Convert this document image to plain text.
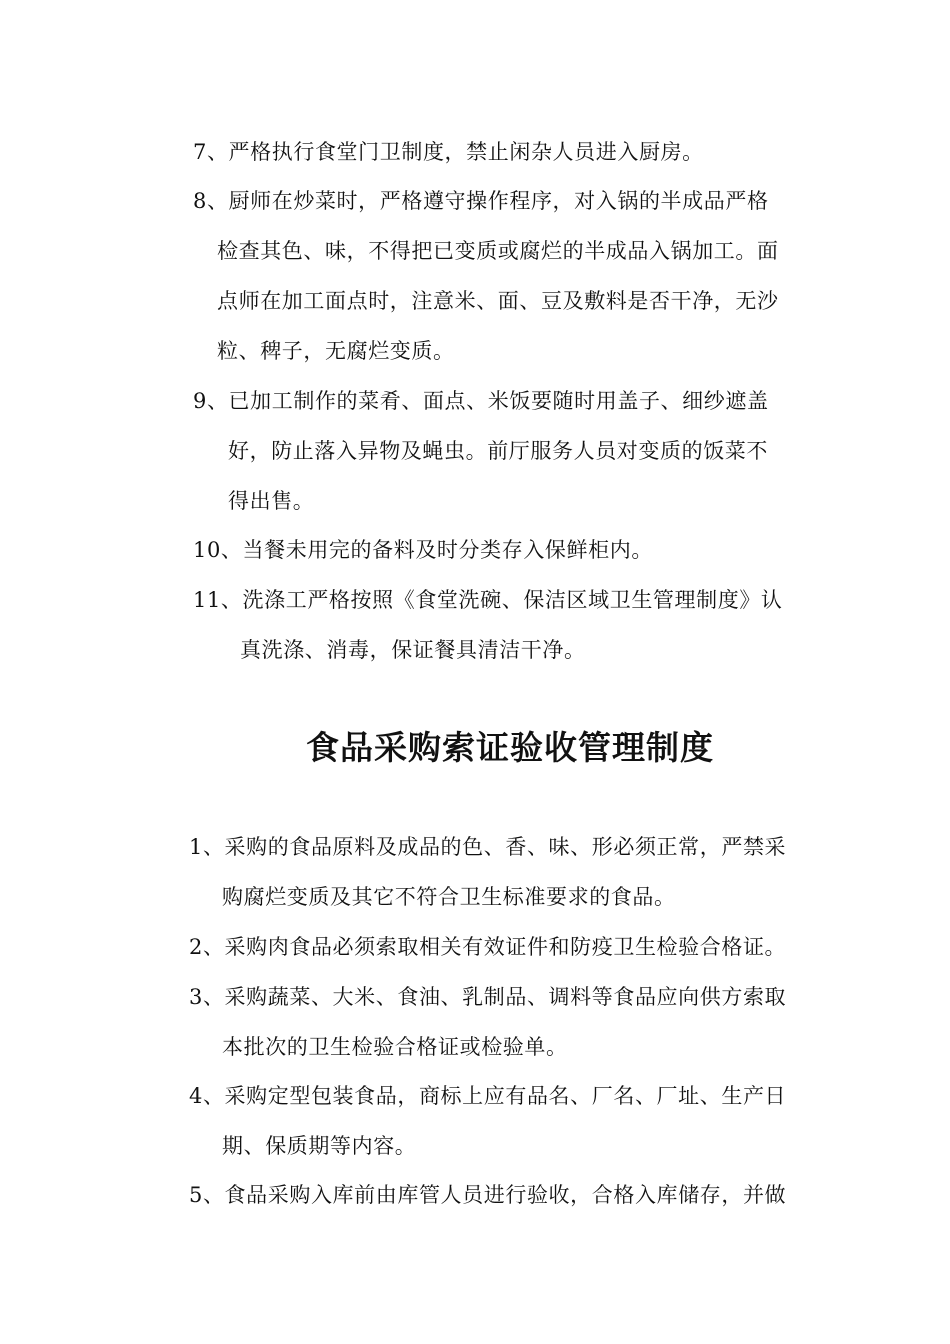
7、严格执行食堂门卫制度，禁止闲杂人员进入厨房。
8、厨师在炒菜时，严格遵守操作程序，对入锅的半成品严格
检查其色、味，不得把已变质或腐烂的半成品入锅加工。面
点师在加工面点时，注意米、面、豆及敷料是否干净，无沙
粒、稗子，无腐烂变质。
9、已加工制作的菜肴、面点、米饭要随时用盖子、细纱遮盖
好，防止落入异物及蝇虫。前厅服务人员对变质的饭菜不
得出售。
10、当餐未用完的备料及时分类存入保鲜柜内。
11、洗涤工严格按照《食堂洗碗、保洁区域卫生管理制度》认
真洗涤、消毒，保证餐具清洁干净。
食品采购索证验收管理制度
1、采购的食品原料及成品的色、香、味、形必须正常，严禁采
购腐烂变质及其它不符合卫生标准要求的食品。
2、采购肉食品必须索取相关有效证件和防疫卫生检验合格证。
3、采购蔬菜、大米、食油、乳制品、调料等食品应向供方索取
本批次的卫生检验合格证或检验单。
4、采购定型包装食品，商标上应有品名、厂名、厂址、生产日
期、保质期等内容。
5、食品采购入库前由库管人员进行验收，合格入库储存，并做
